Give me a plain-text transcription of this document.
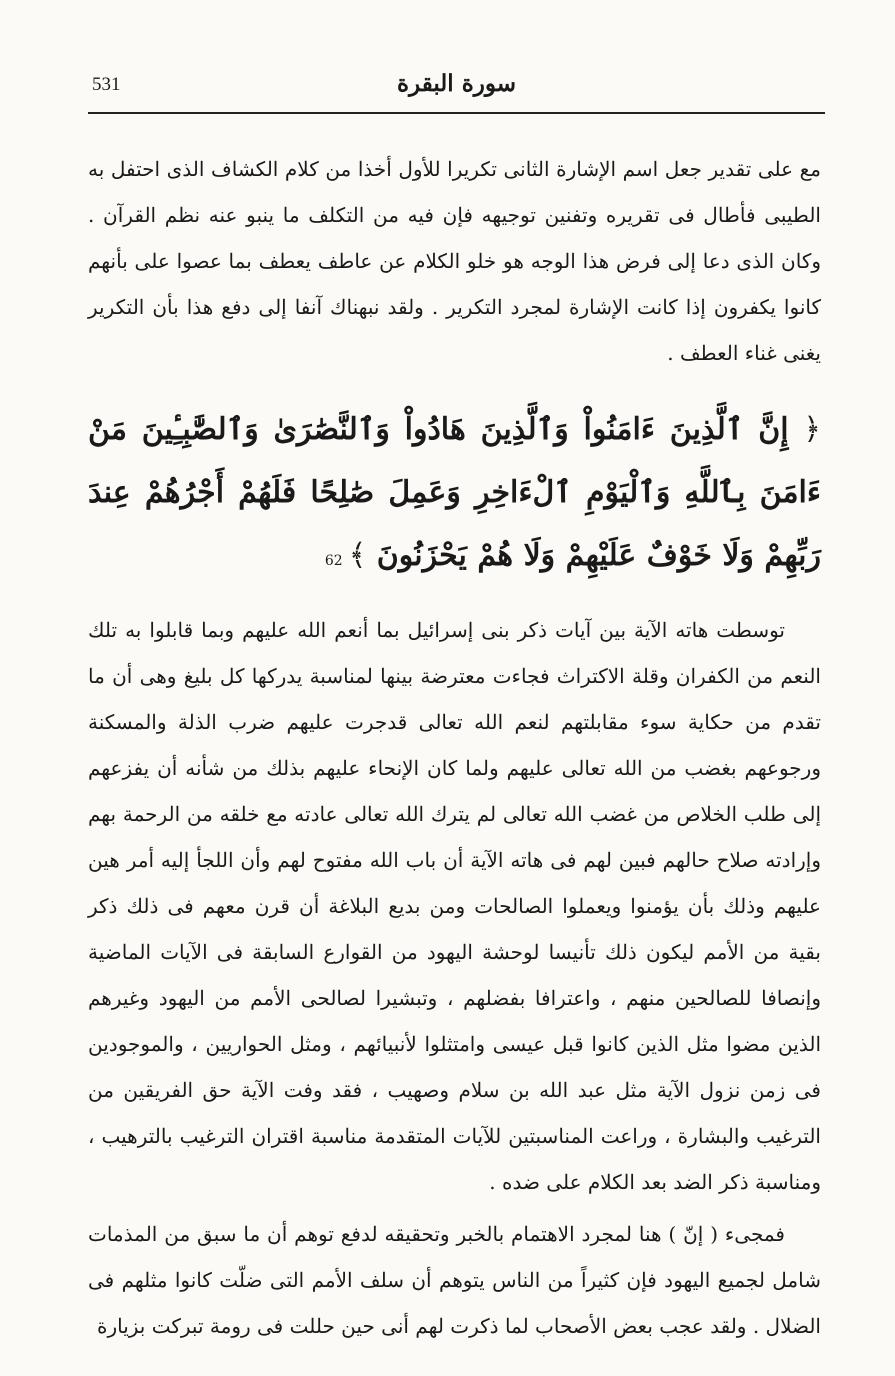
531	سورة البقرة

مع على تقدير جعل اسم الإشارة الثانى تكريرا للأول أخذا من كلام الكشاف الذى احتفل به الطيبى فأطال فى تقريره وتفنين توجيهه فإن فيه من التكلف ما ينبو عنه نظم القرآن . وكان الذى دعا إلى فرض هذا الوجه هو خلو الكلام عن عاطف يعطف بما عصوا على بأنهم كانوا يكفرون إذا كانت الإشارة لمجرد التكرير . ولقد نبهناك آنفا إلى دفع هذا بأن التكرير يغنى غناء العطف .

﴿ إِنَّ ٱلَّذِينَ ءَامَنُواْ وَٱلَّذِينَ هَادُواْ وَٱلنَّصَٰرَىٰ وَٱلصَّٰبِـِٔينَ مَنْ ءَامَنَ بِٱللَّهِ وَٱلْيَوْمِ ٱلْءَاخِرِ وَعَمِلَ صَٰلِحًا فَلَهُمْ أَجْرُهُمْ عِندَ رَبِّهِمْ وَلَا خَوْفٌ عَلَيْهِمْ وَلَا هُمْ يَحْزَنُونَ ﴾62

توسطت هاته الآية بين آيات ذكر بنى إسرائيل بما أنعم الله عليهم وبما قابلوا به تلك النعم من الكفران وقلة الاكتراث فجاءت معترضة بينها لمناسبة يدركها كل بليغ وهى أن ما تقدم من حكاية سوء مقابلتهم لنعم الله تعالى قدجرت عليهم ضرب الذلة والمسكنة ورجوعهم بغضب من الله تعالى عليهم ولما كان الإنحاء عليهم بذلك من شأنه أن يفزعهم إلى طلب الخلاص من غضب الله تعالى لم يترك الله تعالى عادته مع خلقه من الرحمة بهم وإرادته صلاح حالهم فبين لهم فى هاته الآية أن باب الله مفتوح لهم وأن اللجأ إليه أمر هين عليهم وذلك بأن يؤمنوا ويعملوا الصالحات ومن بديع البلاغة أن قرن معهم فى ذلك ذكر بقية من الأمم ليكون ذلك تأنيسا لوحشة اليهود من القوارع السابقة فى الآيات الماضية وإنصافا للصالحين منهم ، واعترافا بفضلهم ، وتبشيرا لصالحى الأمم من اليهود وغيرهم الذين مضوا مثل الذين كانوا قبل عيسى وامتثلوا لأنبيائهم ، ومثل الحواريين ، والموجودين فى زمن نزول الآية مثل عبد الله بن سلام وصهيب ، فقد وفت الآية حق الفريقين من الترغيب والبشارة ، وراعت المناسبتين للآيات المتقدمة مناسبة اقتران الترغيب بالترهيب ، ومناسبة ذكر الضد بعد الكلام على ضده .

فمجىء ( إنّ ) هنا لمجرد الاهتمام بالخبر وتحقيقه لدفع توهم أن ما سبق من المذمات شامل لجميع اليهود فإن كثيراً من الناس يتوهم أن سلف الأمم التى ضلّت كانوا مثلهم فى الضلال . ولقد عجب بعض الأصحاب لما ذكرت لهم أنى حين حللت فى رومة تبركت بزيارة
